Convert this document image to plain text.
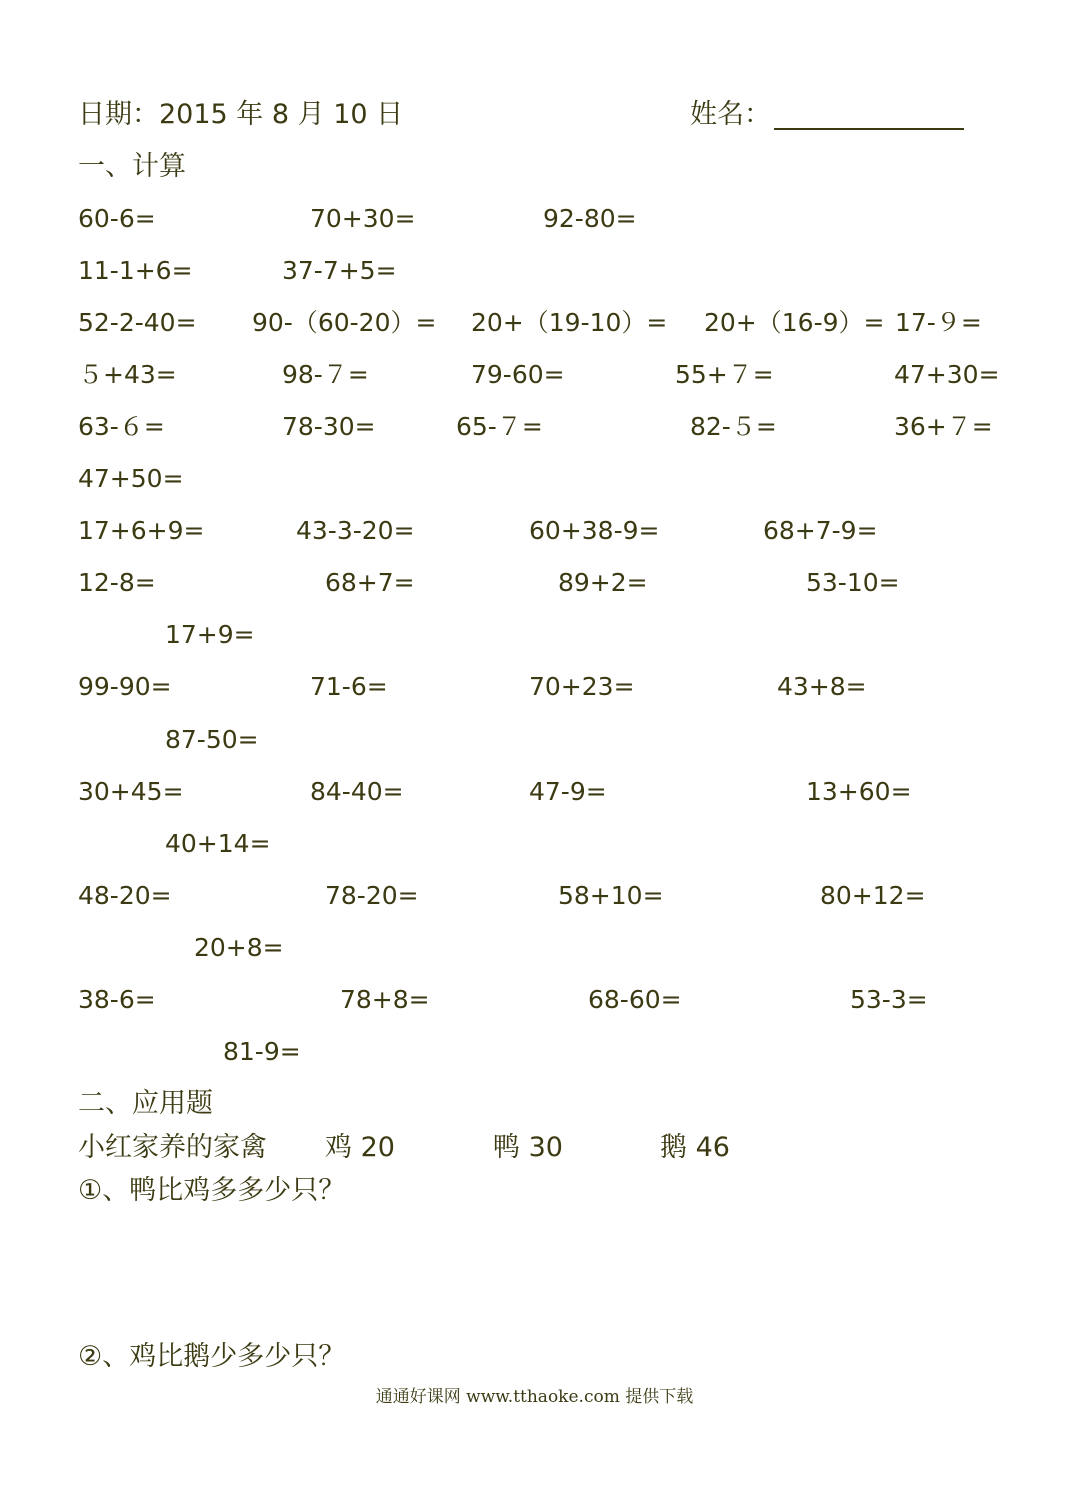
日期：2015 年 8 月 10 日	姓名：
一、计算
60-6=	70+30=	92-80=
11-1+6=	37-7+5=
52-2-40= 90-（60-20）= 20+（19-10）= 20+（16-9）= 17-９=
５+43=	98-７=	79-60=	55+７=	47+30=
63-６=	78-30=	65-７=	82-５=	36+７=
47+50=
17+6+9=	43-3-20=	60+38-9=	68+7-9=
12-8=	68+7=	89+2=	53-10=
17+9=
99-90=	71-6=	70+23=	43+8=
87-50=
30+45=	84-40=	47-9=	13+60=
40+14=
48-20=	78-20=	58+10=	80+12=
20+8=
38-6=	78+8=	68-60=	53-3=
81-9=
二、应用题
小红家养的家禽 鸡 20	鸭 30	鹅 46
①、鸭比鸡多多少只？
②、鸡比鹅少多少只？
通通好课网 www.tthaoke.com 提供下载
